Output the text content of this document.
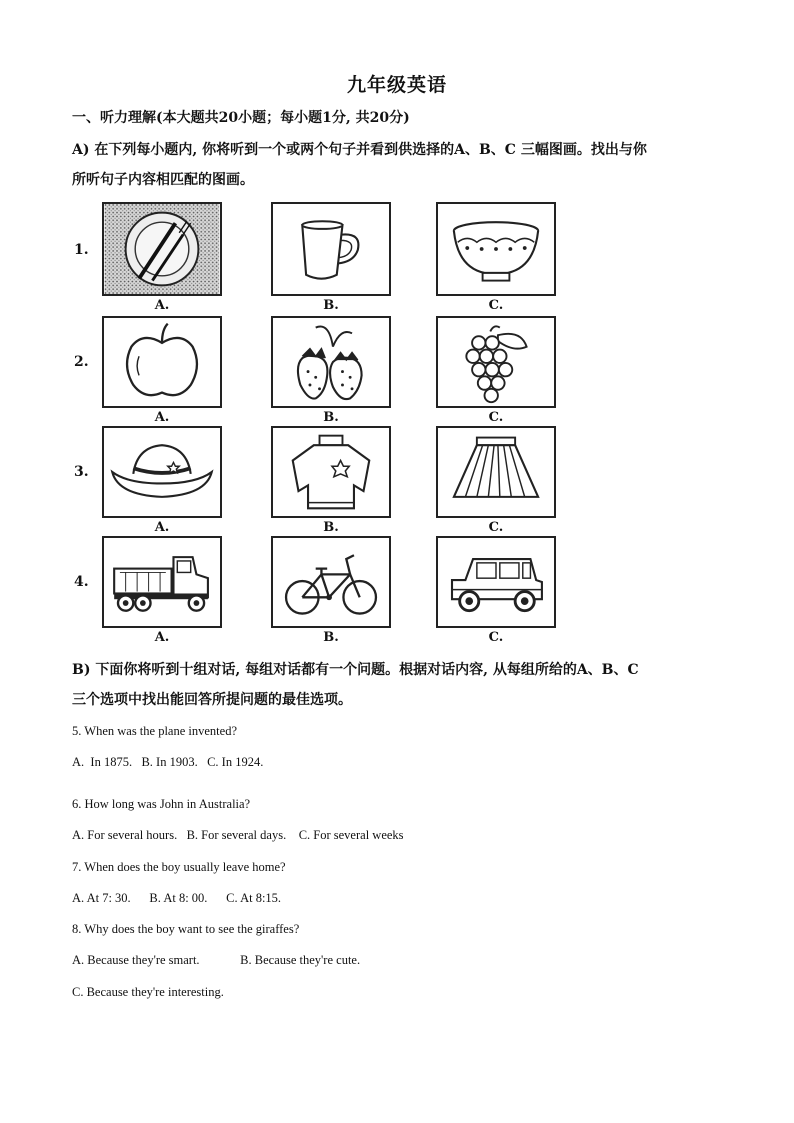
九年级英语
一、听力理解(本大题共20小题；每小题1分, 共20分)
A) 在下列每小题内, 你将听到一个或两个句子并看到供选择的A、B、C 三幅图画。找出与你
所听句子内容相匹配的图画。
1.
A.	B.	C.
2.
A.	B.	C.
3.
A.	B.	C.
4.
A.	B.	C.
B) 下面你将听到十组对话, 每组对话都有一个问题。根据对话内容, 从每组所给的A、B、C
三个选项中找出能回答所提问题的最佳选项。
5. When was the plane invented?
A.  In 1875.   B. In 1903.   C. In 1924.
6. How long was John in Australia?
A. For several hours.   B. For several days.    C. For several weeks
7. When does the boy usually leave home?
A. At 7: 30.      B. At 8: 00.      C. At 8:15.
8. Why does the boy want to see the giraffes?
A. Because they're smart.             B. Because they're cute.
C. Because they're interesting.
